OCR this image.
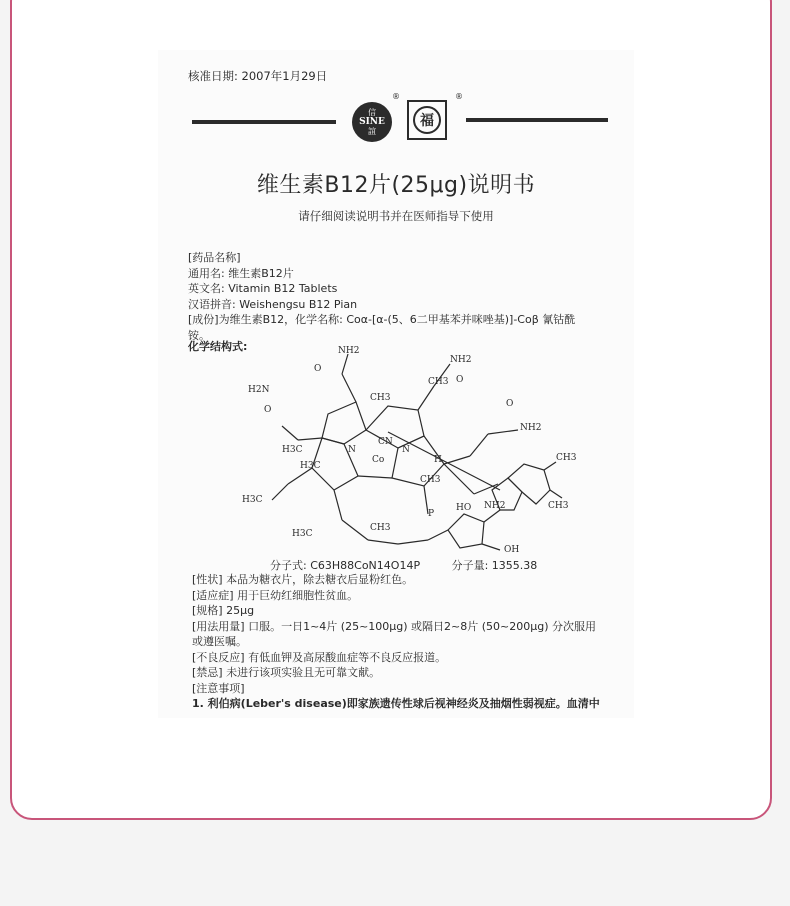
核准日期: 2007年1月29日
信
SINE
誼
®
福
®
维生素B12片(25μg)说明书
请仔细阅读说明书并在医师指导下使用
[药品名称]
通用名: 维生素B12片
英文名: Vitamin B12 Tablets
汉语拼音: Weishengsu B12 Pian
[成份]为维生素B12，化学名称: Coα-[α-(5、6二甲基苯并咪唑基)]-Coβ 氰钴酰
铵。
化学结构式:	NH2
O
H2N
O
CH3
NH2
O
O
NH2
CH3
H3C
H3C
CN
Co
N	N
CH3
H
NH2
H3C
H3C
CH3
P
HO
OH
CH3
CH3
分子式: C63H88CoN14O14P	分子量: 1355.38
[性状] 本品为糖衣片，除去糖衣后显粉红色。
[适应症] 用于巨幼红细胞性贫血。
[规格] 25μg
[用法用量] 口服。一日1~4片 (25~100μg) 或隔日2~8片 (50~200μg) 分次服用
或遵医嘱。
[不良反应] 有低血钾及高尿酸血症等不良反应报道。
[禁忌] 未进行该项实验且无可靠文献。
[注意事项]
1. 利伯病(Leber's disease)即家族遗传性球后视神经炎及抽烟性弱视症。血清中
